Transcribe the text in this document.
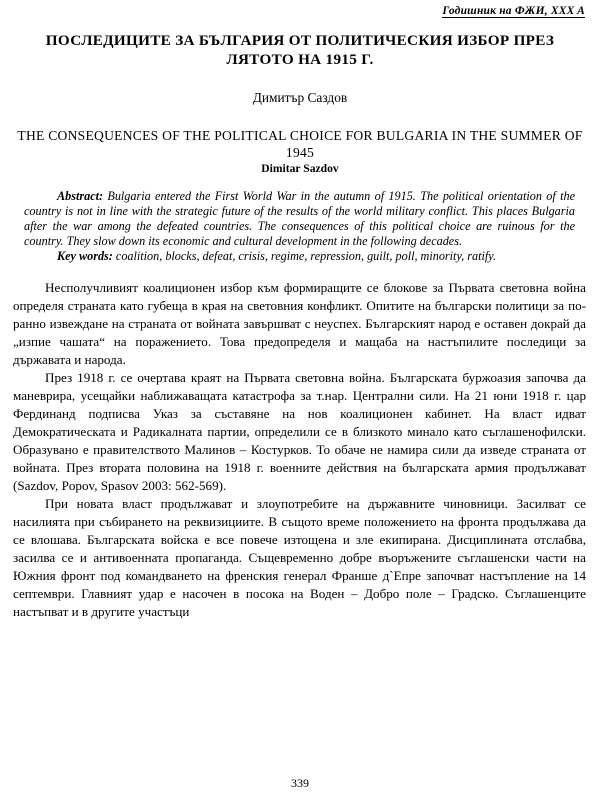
Годишник на ФЖИ, XXX A
ПОСЛЕДИЦИТЕ ЗА БЪЛГАРИЯ ОТ ПОЛИТИЧЕСКИЯ ИЗБОР ПРЕЗ ЛЯТОТО НА 1915 Г.
Димитър Саздов
THE CONSEQUENCES OF THE POLITICAL CHOICE FOR BULGARIA IN THE SUMMER OF 1945
Dimitar Sazdov

Abstract: Bulgaria entered the First World War in the autumn of 1915. The political orientation of the country is not in line with the strategic future of the results of the world military conflict. This places Bulgaria after the war among the defeated countries. The consequences of this political choice are ruinous for the country. They slow down its economic and cultural development in the following decades.

Key words: coalition, blocks, defeat, crisis, regime, repression, guilt, poll, minority, ratify.

Несполучливият коалиционен избор към формиращите се блокове за Първата световна война определя страната като губеща в края на световния конфликт. Опитите на български политици за по-ранно извеждане на страната от войната завършват с неуспех. Българският народ е оставен докрай да „изпие чашата“ на поражението. Това предопределя и мащаба на настъпилите последици за държавата и народа.

През 1918 г. се очертава краят на Първата световна война. Българската буржоазия започва да маневрира, усещайки наближаващата катастрофа за т.нар. Централни сили. На 21 юни 1918 г. цар Фердинанд подписва Указ за съставяне на нов коалиционен кабинет. На власт идват Демократическата и Радикалната партии, определили се в близкото минало като съглашенофилски. Образувано е правителството Малинов – Костурков. То обаче не намира сили да изведе страната от войната. През втората половина на 1918 г. военните действия на българската армия продължават (Sazdov, Popov, Spasov 2003: 562-569).

При новата власт продължават и злоупотребите на държавните чиновници. Засилват се насилията при събирането на реквизициите. В същото време положението на фронта продължава да се влошава. Българската войска е все повече изтощена и зле екипирана. Дисциплината отслабва, засилва се и антивоенната пропаганда. Същевременно добре въоръжените съглашенски части на Южния фронт под командването на френския генерал Франше д`Епре започват настъпление на 14 септември. Главният удар е насочен в посока на Воден – Добро поле – Градско. Съглашенците настъпват и в другите участъци

339
